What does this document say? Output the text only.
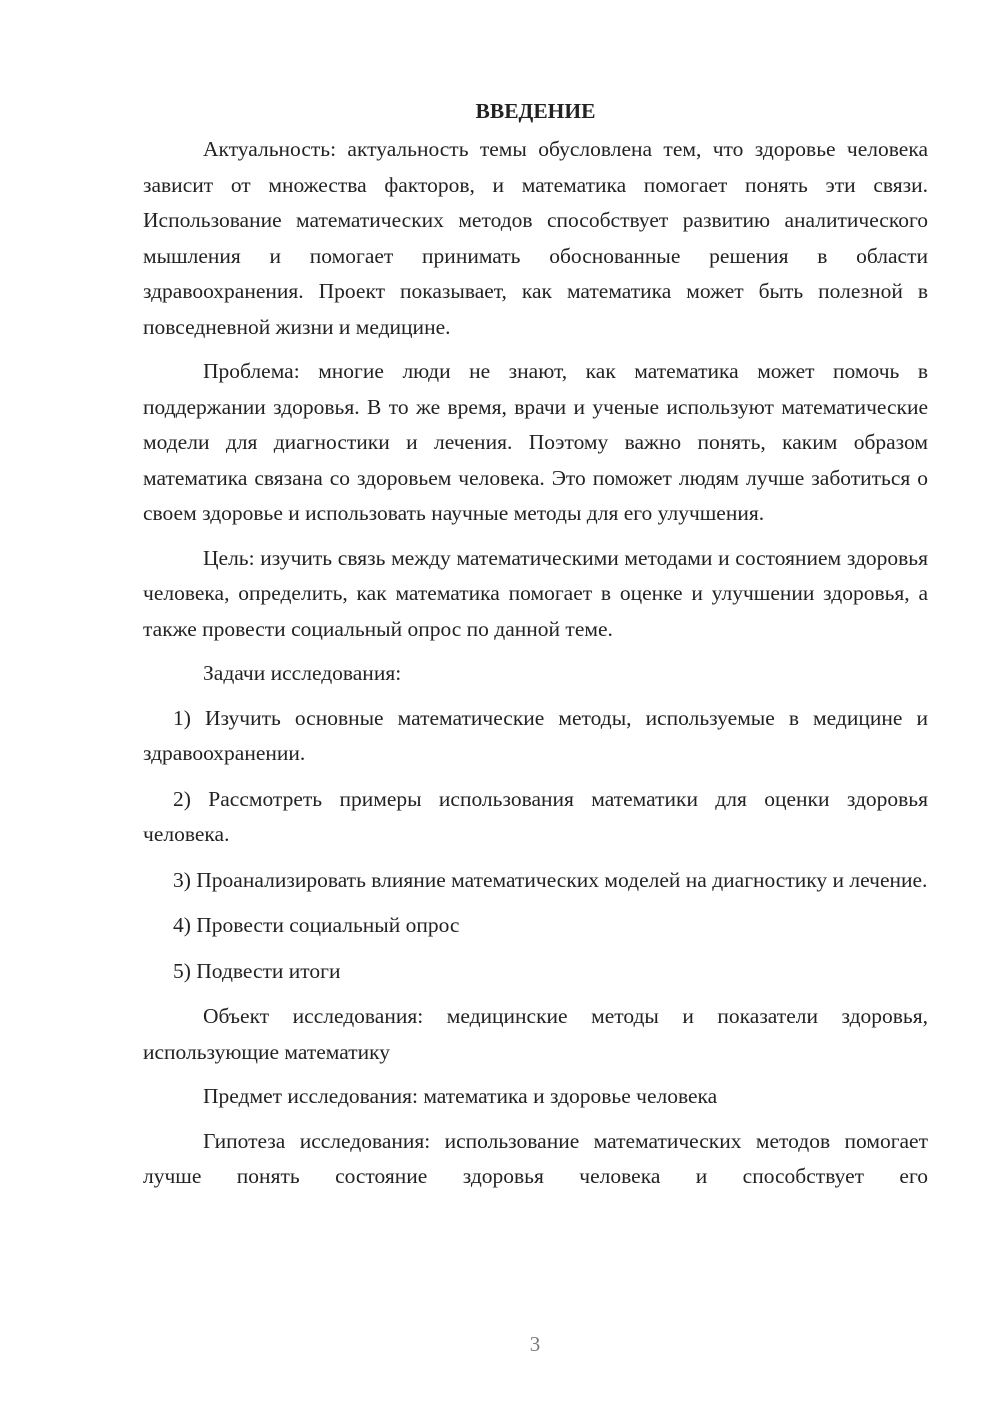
ВВЕДЕНИЕ

Актуальность: актуальность темы обусловлена тем, что здоровье человека зависит от множества факторов, и математика помогает понять эти связи. Использование математических методов способствует развитию аналитического мышления и помогает принимать обоснованные решения в области здравоохранения. Проект показывает, как математика может быть полезной в повседневной жизни и медицине.

Проблема: многие люди не знают, как математика может помочь в поддержании здоровья. В то же время, врачи и ученые используют математические модели для диагностики и лечения. Поэтому важно понять, каким образом математика связана со здоровьем человека. Это поможет людям лучше заботиться о своем здоровье и использовать научные методы для его улучшения.

Цель: изучить связь между математическими методами и состоянием здоровья человека, определить, как математика помогает в оценке и улучшении здоровья, а также провести социальный опрос по данной теме.

Задачи исследования:

1) Изучить основные математические методы, используемые в медицине и здравоохранении.

2) Рассмотреть примеры использования математики для оценки здоровья человека.

3) Проанализировать влияние математических моделей на диагностику и лечение.

4) Провести социальный опрос

5) Подвести итоги

Объект исследования: медицинские методы и показатели здоровья, использующие математику

Предмет исследования: математика и здоровье человека

Гипотеза исследования: использование математических методов помогает лучше понять состояние здоровья человека и способствует его

3
